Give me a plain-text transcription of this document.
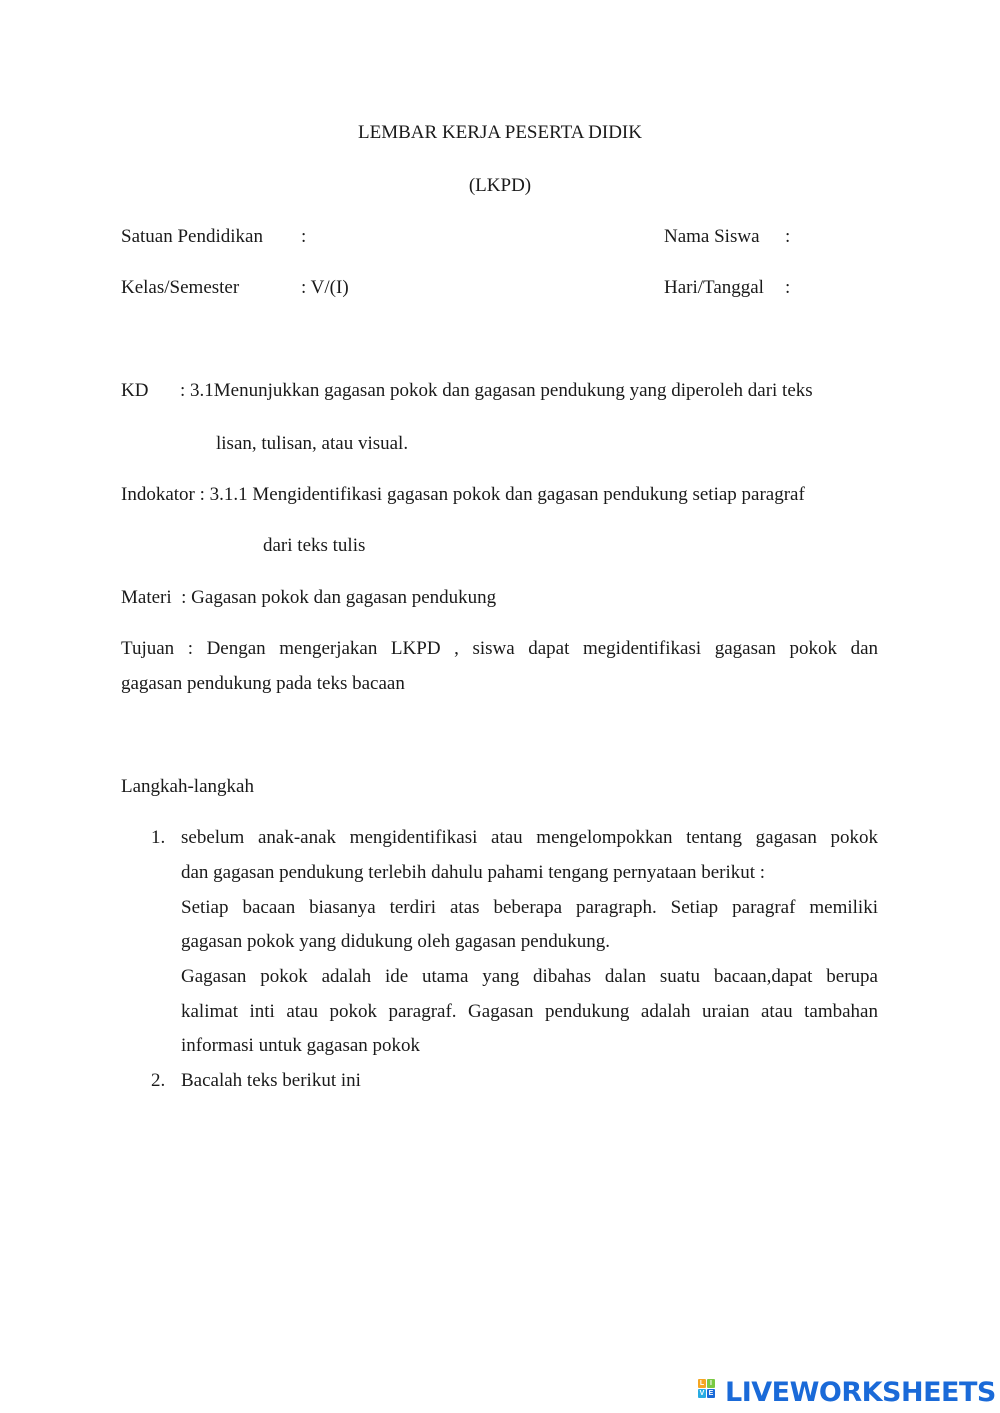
LEMBAR KERJA PESERTA DIDIK
(LKPD)
Satuan Pendidikan :	Nama Siswa :
Kelas/Semester	: V/(I)	Hari/Tanggal :
KD : 3.1Menunjukkan gagasan pokok dan gagasan pendukung yang diperoleh dari teks
lisan, tulisan, atau visual.
Indokator : 3.1.1 Mengidentifikasi gagasan pokok dan gagasan pendukung setiap paragraf
dari teks tulis
Materi  : Gagasan pokok dan gagasan pendukung
Tujuan : Dengan mengerjakan LKPD , siswa dapat megidentifikasi gagasan pokok dan
gagasan pendukung pada teks bacaan
Langkah-langkah
1. sebelum anak-anak mengidentifikasi atau mengelompokkan tentang gagasan pokok
dan gagasan pendukung terlebih dahulu pahami tengang pernyataan berikut :
Setiap bacaan biasanya terdiri atas beberapa paragraph. Setiap paragraf memiliki
gagasan pokok yang didukung oleh gagasan pendukung.
Gagasan pokok adalah ide utama yang dibahas dalan suatu bacaan,dapat berupa
kalimat inti atau pokok paragraf. Gagasan pendukung adalah uraian atau tambahan
informasi untuk gagasan pokok
2. Bacalah teks berikut ini
L I
V E LIVEWORKSHEETS
